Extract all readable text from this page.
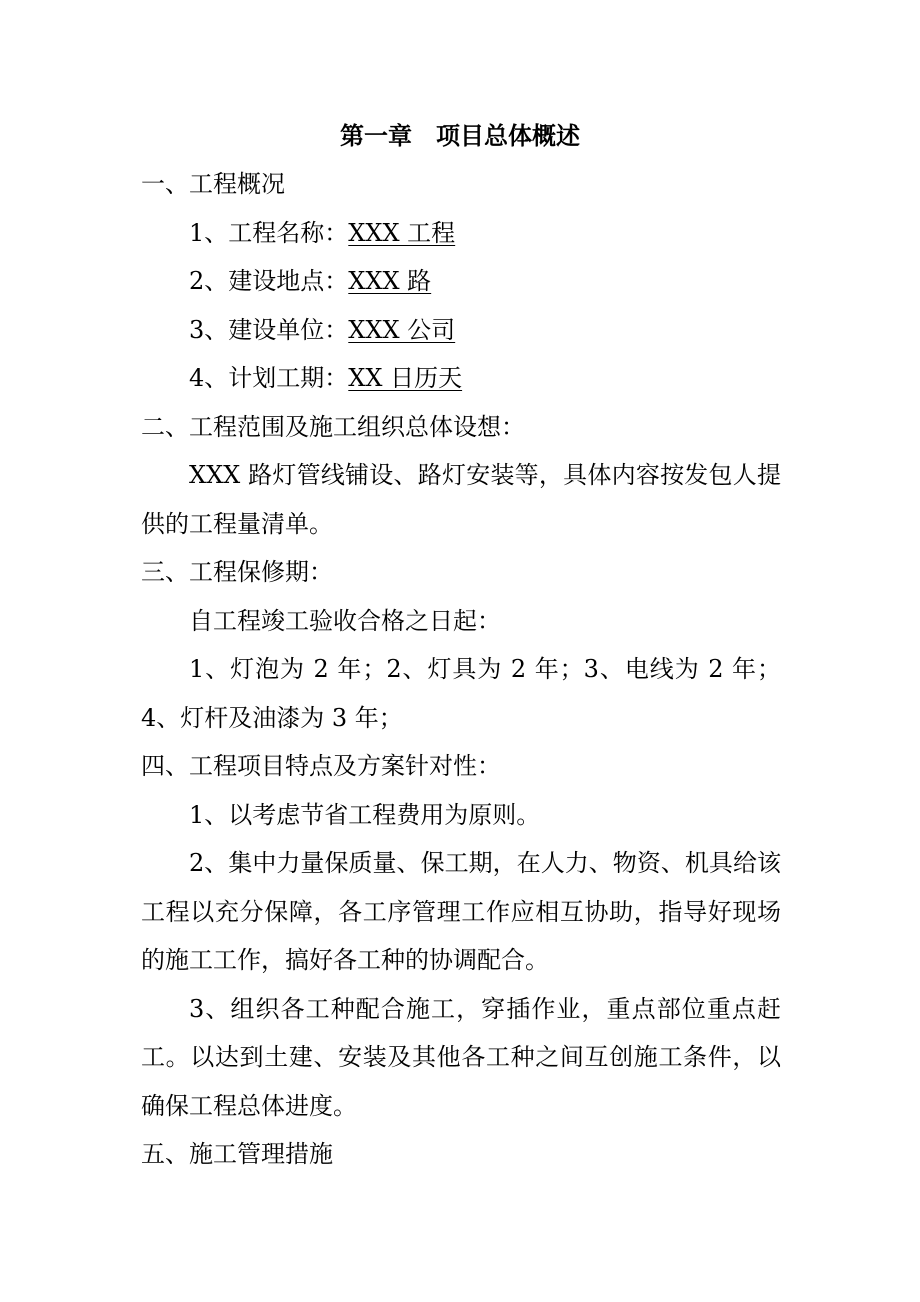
第一章　项目总体概述

一、工程概况

1、工程名称：XXX 工程

2、建设地点：XXX 路

3、建设单位：XXX 公司

4、计划工期：XX 日历天

二、工程范围及施工组织总体设想：

XXX 路灯管线铺设、路灯安装等，具体内容按发包人提供的工程量清单。

三、工程保修期：

自工程竣工验收合格之日起：

1、灯泡为 2 年；2、灯具为 2 年；3、电线为 2 年；4、灯杆及油漆为 3 年；

四、工程项目特点及方案针对性：

1、以考虑节省工程费用为原则。

2、集中力量保质量、保工期，在人力、物资、机具给该工程以充分保障，各工序管理工作应相互协助，指导好现场的施工工作，搞好各工种的协调配合。

3、组织各工种配合施工，穿插作业，重点部位重点赶工。以达到土建、安装及其他各工种之间互创施工条件，以确保工程总体进度。

五、施工管理措施
